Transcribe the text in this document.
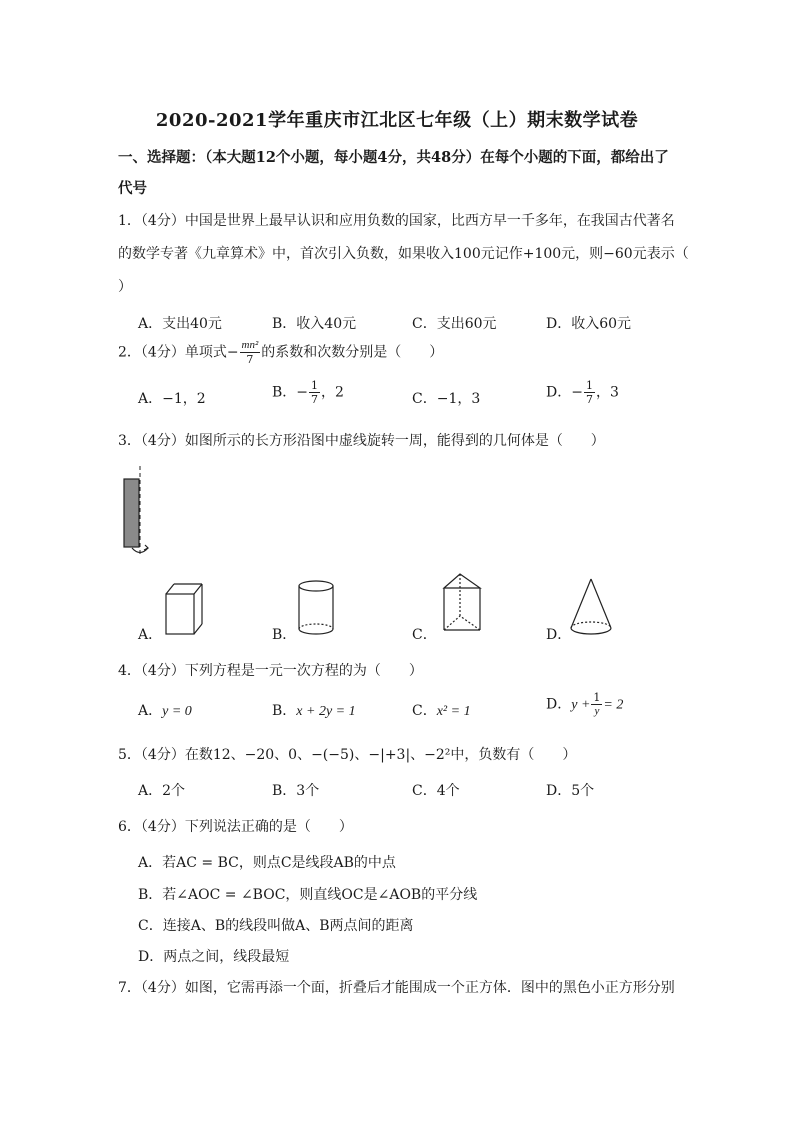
2020-2021学年重庆市江北区七年级（上）期末数学试卷
一、选择题：（本大题12个小题，每小题4分，共48分）在每个小题的下面，都给出了
代号
1．（4分）中国是世界上最早认识和应用负数的国家，比西方早一千多年，在我国古代著名
的数学专著《九章算术》中，首次引入负数，如果收入100元记作+100元，则−60元表示（
）
A．支出40元	B．收入40元	C．支出60元	D．收入60元
2．（4分）单项式− $\frac{\text{mn²}}{7}$ 的系数和次数分别是（　　）
A．−1，2	B．− $\frac{1}{7}$ ，2	C．−1，3	D．− $\frac{1}{7}$ ，3
3．（4分）如图所示的长方形沿图中虚线旋转一周，能得到的几何体是（　　）
A．	B．	C．	D．
4．（4分）下列方程是一元一次方程的为（　　）
A．y = 0	B．x + 2y = 1	C．x² = 1	D．$y + \frac{1}{y} = 2$
5．（4分）在数12、−20、0、−(−5)、−|+3|、−2²中，负数有（　　）
A．2个	B．3个	C．4个	D．5个
6．（4分）下列说法正确的是（　　）
A．若AC = BC，则点C是线段AB的中点
B．若∠AOC = ∠BOC，则直线OC是∠AOB的平分线
C．连接A、B的线段叫做A、B两点间的距离
D．两点之间，线段最短
7．（4分）如图，它需再添一个面，折叠后才能围成一个正方体．图中的黑色小正方形分别
